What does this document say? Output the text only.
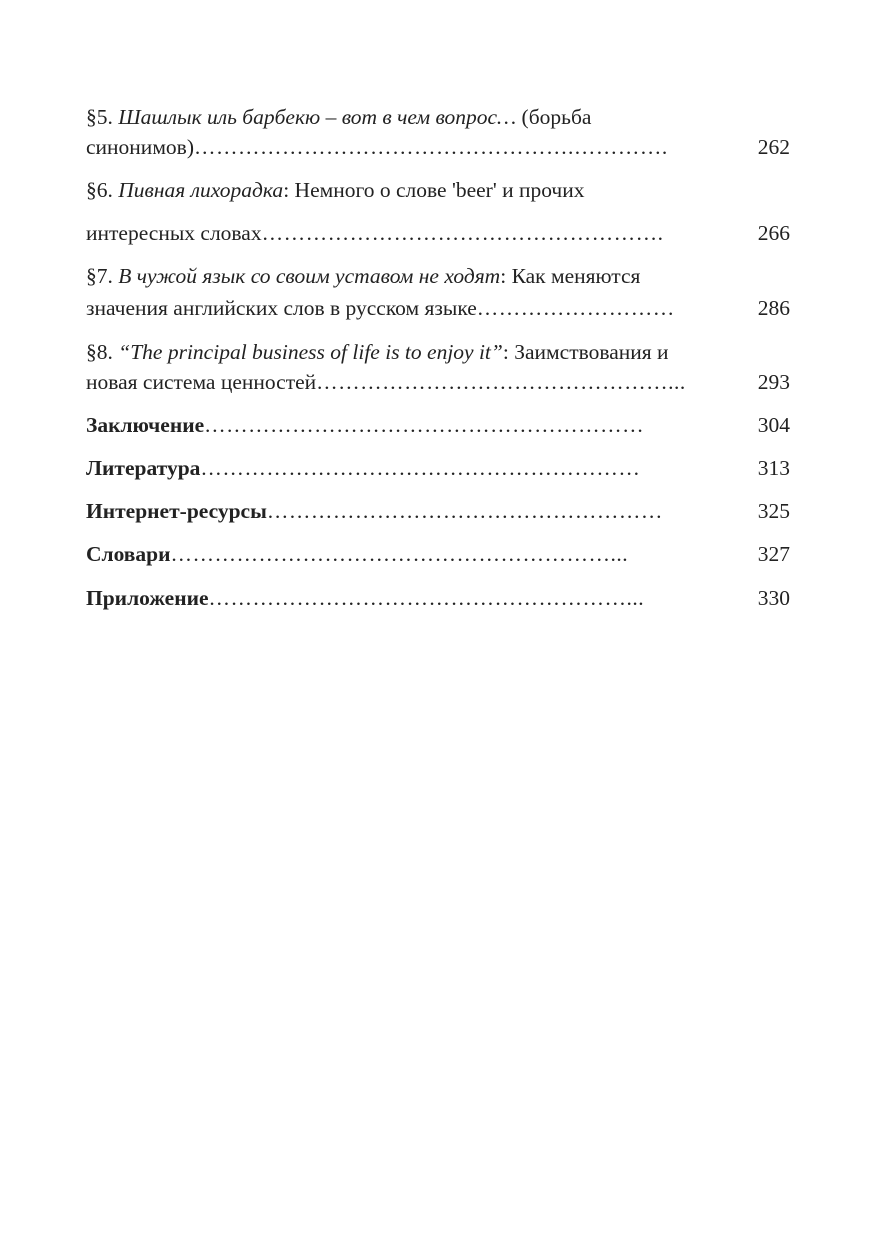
§5. Шашлык иль барбекю – вот в чем вопрос… (борьба
синонимов) …………………………………………….………….	262
§6. Пивная лихорадка: Немного о слове 'beer' и прочих
интересных словах ……………………………………………….	266
§7. В чужой язык со своим уставом не ходят: Как меняются
значения английских слов в русском языке ………………………	286
§8. “The principal business of life is to enjoy it”: Заимствования и
новая система ценностей …………………………………………...	293
Заключение ……………………………………………………	304
Литература ……………………………………………………	313
Интернет-ресурсы ………………………………………………	325
Словари ……………………………………………………...	327
Приложение …………………………………………………...	330
